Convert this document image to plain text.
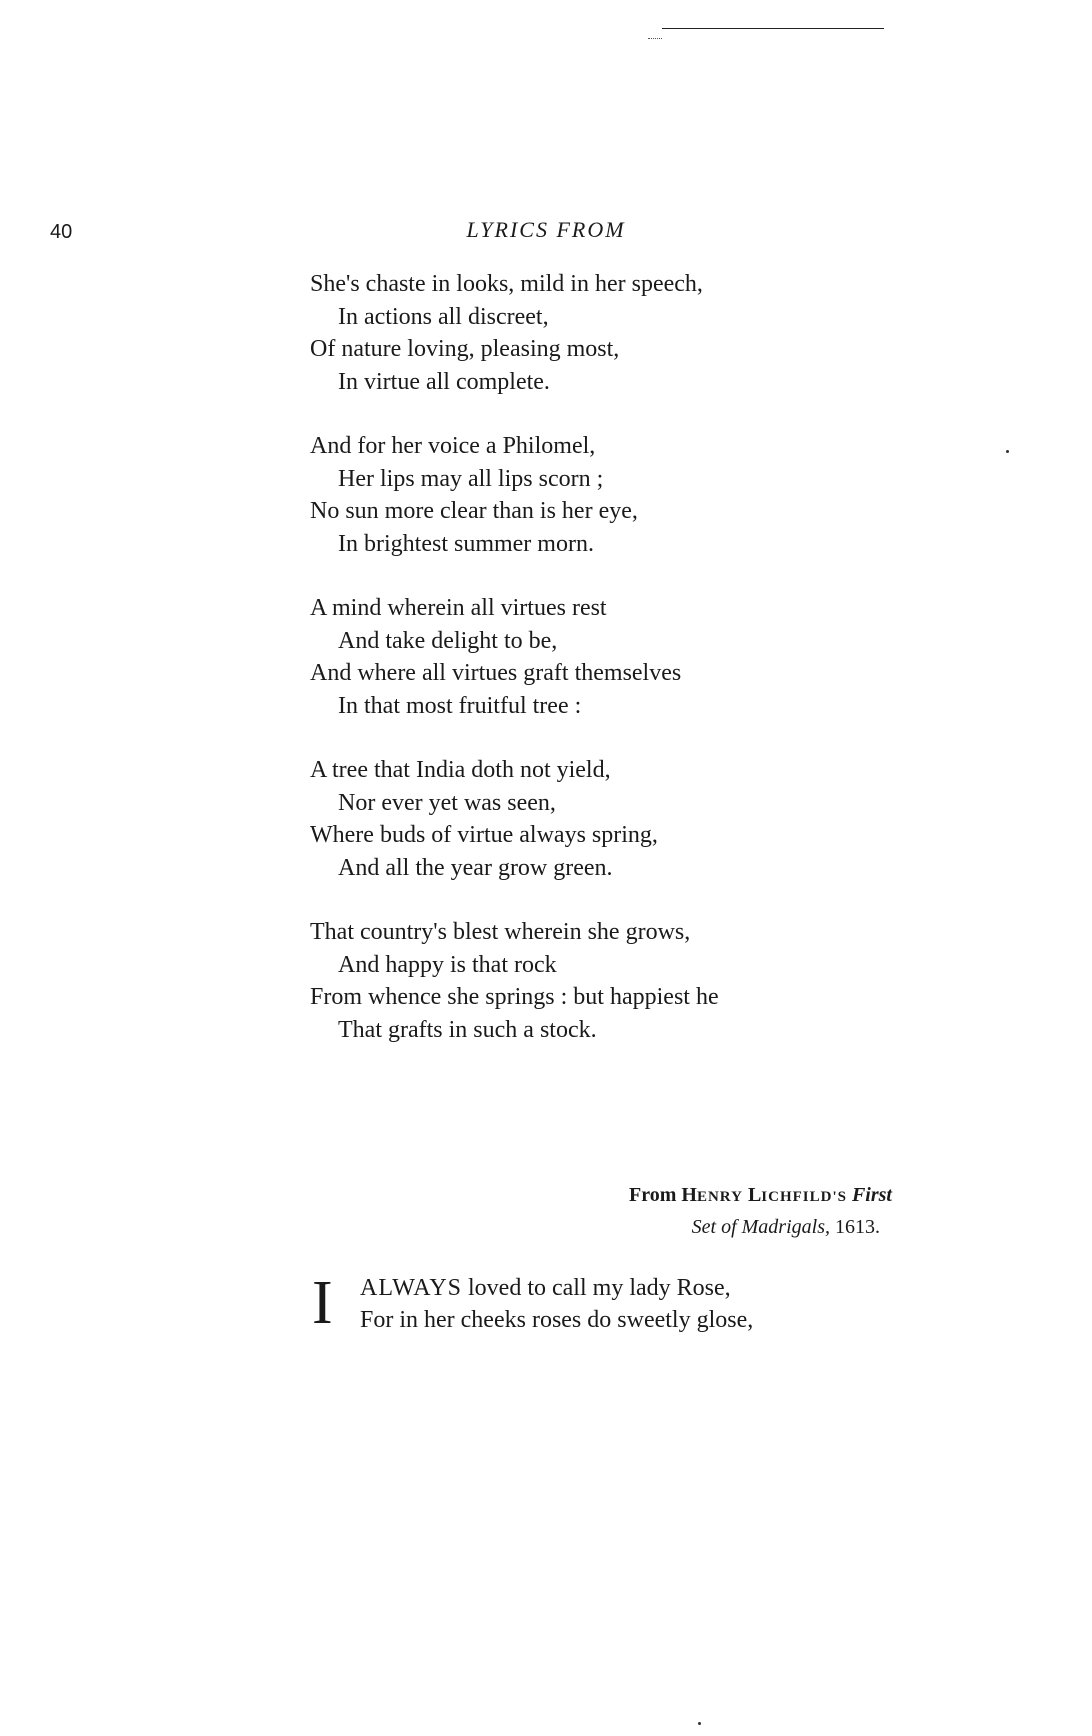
40	LYRICS FROM
She's chaste in looks, mild in her speech,
In actions all discreet,
Of nature loving, pleasing most,
In virtue all complete.
And for her voice a Philomel,
Her lips may all lips scorn ;
No sun more clear than is her eye,
In brightest summer morn.
A mind wherein all virtues rest
And take delight to be,
And where all virtues graft themselves
In that most fruitful tree :
A tree that India doth not yield,
Nor ever yet was seen,
Where buds of virtue always spring,
And all the year grow green.
That country's blest wherein she grows,
And happy is that rock
From whence she springs : but happiest he
That grafts in such a stock.
From HENRY LICHFILD'S First
Set of Madrigals, 1613.
I ALWAYS loved to call my lady Rose,
For in her cheeks roses do sweetly glose,
